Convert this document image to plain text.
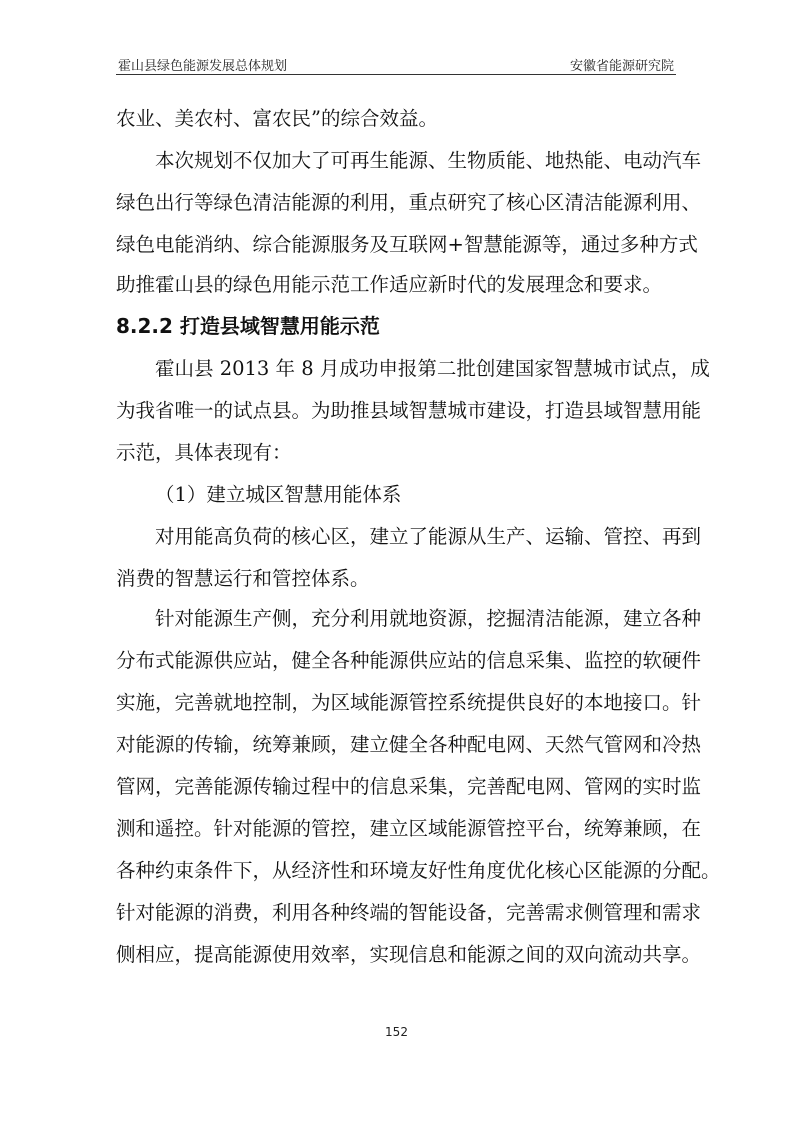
霍山县绿色能源发展总体规划	安徽省能源研究院
农业、美农村、富农民”的综合效益。
本次规划不仅加大了可再生能源、生物质能、地热能、电动汽车
绿色出行等绿色清洁能源的利用，重点研究了核心区清洁能源利用、
绿色电能消纳、综合能源服务及互联网+智慧能源等，通过多种方式
助推霍山县的绿色用能示范工作适应新时代的发展理念和要求。
8.2.2 打造县域智慧用能示范
霍山县 2013 年 8 月成功申报第二批创建国家智慧城市试点，成
为我省唯一的试点县。为助推县域智慧城市建设，打造县域智慧用能
示范，具体表现有：
（1）建立城区智慧用能体系
对用能高负荷的核心区，建立了能源从生产、运输、管控、再到
消费的智慧运行和管控体系。
针对能源生产侧，充分利用就地资源，挖掘清洁能源，建立各种
分布式能源供应站，健全各种能源供应站的信息采集、监控的软硬件
实施，完善就地控制，为区域能源管控系统提供良好的本地接口。针
对能源的传输，统筹兼顾，建立健全各种配电网、天然气管网和冷热
管网，完善能源传输过程中的信息采集，完善配电网、管网的实时监
测和遥控。针对能源的管控，建立区域能源管控平台，统筹兼顾，在
各种约束条件下，从经济性和环境友好性角度优化核心区能源的分配。
针对能源的消费，利用各种终端的智能设备，完善需求侧管理和需求
侧相应，提高能源使用效率，实现信息和能源之间的双向流动共享。
152
